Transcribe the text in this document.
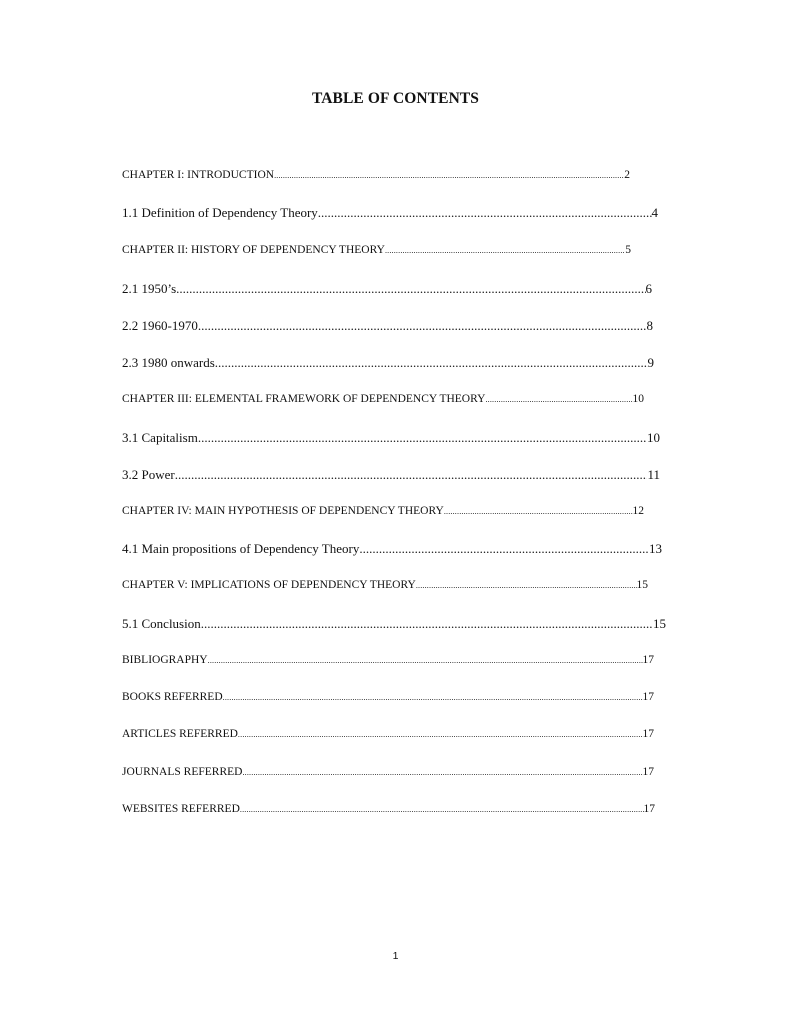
TABLE OF CONTENTS
CHAPTER I: INTRODUCTION .....	2
1.1 Definition of Dependency Theory .....	4
CHAPTER II: HISTORY OF DEPENDENCY THEORY .....	5
2.1 1950’s .....	6
2.2 1960-1970 .....	8
2.3 1980 onwards .....	9
CHAPTER III: ELEMENTAL FRAMEWORK OF DEPENDENCY THEORY .....	10
3.1 Capitalism .....	10
3.2 Power .....	11
CHAPTER IV: MAIN HYPOTHESIS OF DEPENDENCY THEORY .....	12
4.1 Main propositions of Dependency Theory .....	13
CHAPTER V: IMPLICATIONS OF DEPENDENCY THEORY .....	15
5.1 Conclusion .....	15
BIBLIOGRAPHY .....	17
BOOKS REFERRED .....	17
ARTICLES REFERRED .....	17
JOURNALS REFERRED .....	17
WEBSITES REFERRED .....	17
1
